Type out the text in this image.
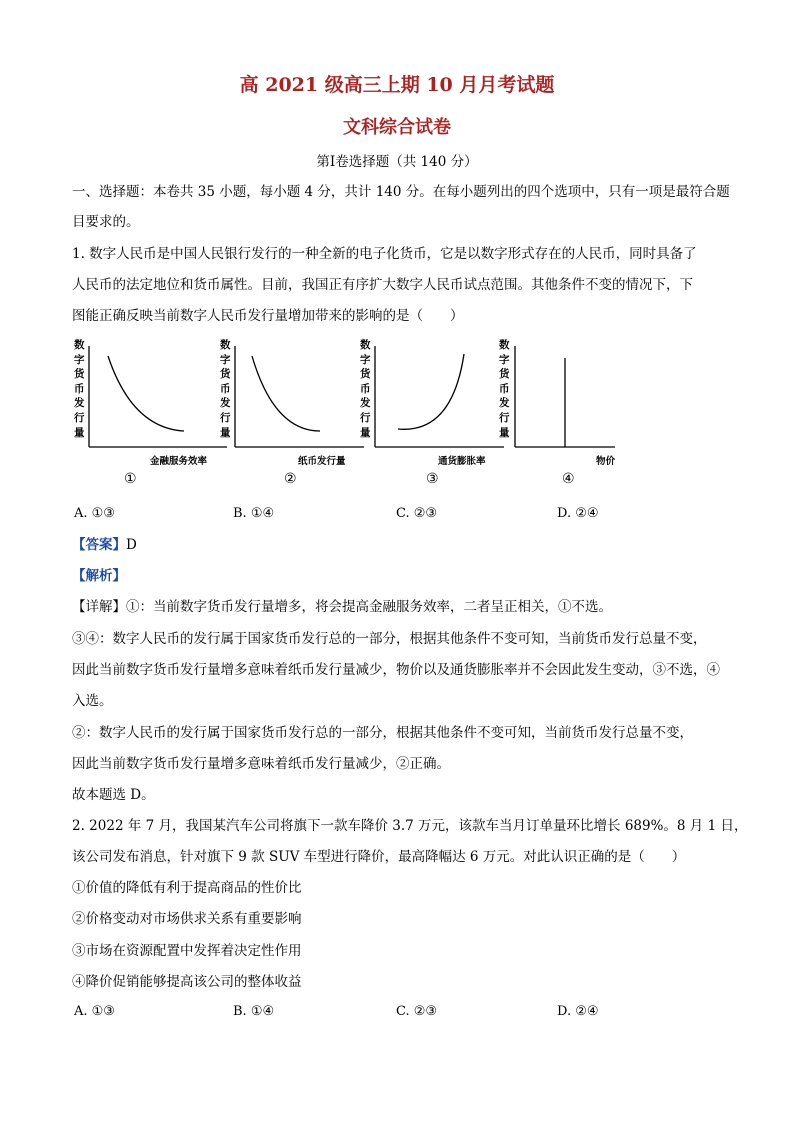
高 2021 级高三上期 10 月月考试题
文科综合试卷
第Ⅰ卷选择题（共 140 分）
一、选择题：本卷共 35 小题，每小题 4 分，共计 140 分。在每小题列出的四个选项中，只有一项是最符合题
目要求的。
1. 数字人民币是中国人民银行发行的一种全新的电子化货币，它是以数字形式存在的人民币，同时具备了
人民币的法定地位和货币属性。目前，我国正有序扩大数字人民币试点范围。其他条件不变的情况下，下
图能正确反映当前数字人民币发行量增加带来的影响的是（　　）
数
字
货
币
发
行
量
金融服务效率
①
数
字
货
币
发
行
量
纸币发行量
②
数
字
货
币
发
行
量
通货膨胀率
③
数
字
货
币
发
行
量
物价
④
A. ①③	B. ①④	C. ②③	D. ②④
【答案】D
【解析】
【详解】①：当前数字货币发行量增多，将会提高金融服务效率，二者呈正相关，①不选。
③④：数字人民币的发行属于国家货币发行总的一部分，根据其他条件不变可知，当前货币发行总量不变，
因此当前数字货币发行量增多意味着纸币发行量减少，物价以及通货膨胀率并不会因此发生变动，③不选，④
入选。
②：数字人民币的发行属于国家货币发行总的一部分，根据其他条件不变可知，当前货币发行总量不变，
因此当前数字货币发行量增多意味着纸币发行量减少，②正确。
故本题选 D。
2. 2022 年 7 月，我国某汽车公司将旗下一款车降价 3.7 万元，该款车当月订单量环比增长 689%。8 月 1 日，
该公司发布消息，针对旗下 9 款 SUV 车型进行降价，最高降幅达 6 万元。对此认识正确的是（　　）
①价值的降低有利于提高商品的性价比
②价格变动对市场供求关系有重要影响
③市场在资源配置中发挥着决定性作用
④降价促销能够提高该公司的整体收益
A. ①③	B. ①④	C. ②③	D. ②④
